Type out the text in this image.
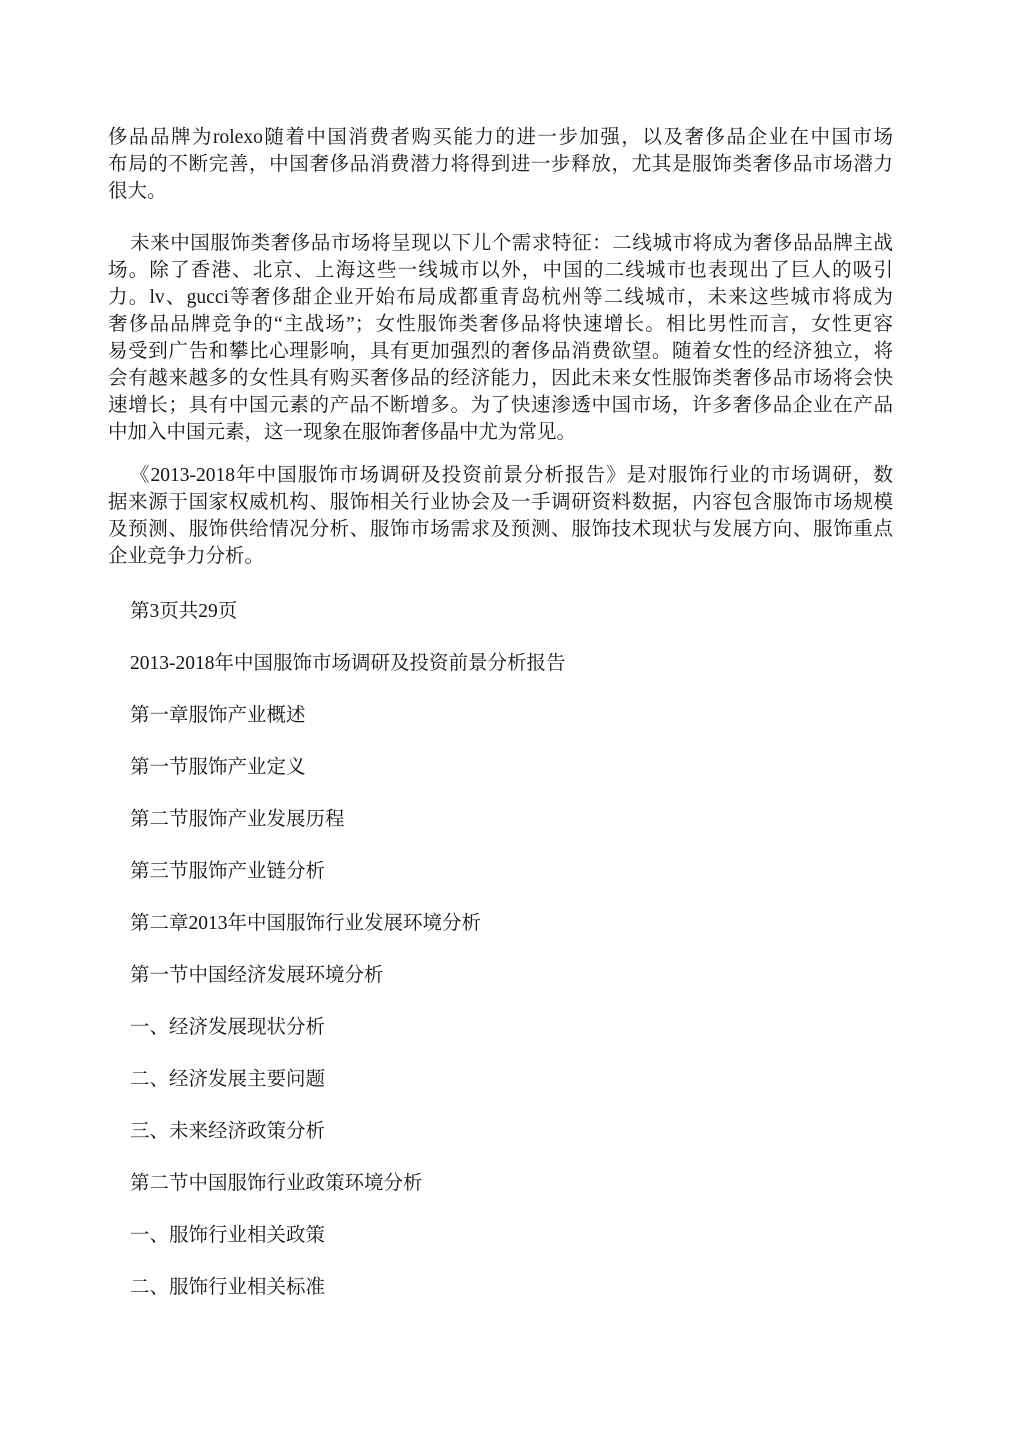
侈品品牌为rolexo随着中国消费者购买能力的进一步加强，以及奢侈品企业在中国市场
布局的不断完善，中国奢侈品消费潜力将得到进一步释放，尤其是服饰类奢侈品市场潜力
很大。
未来中国服饰类奢侈品市场将呈现以下儿个需求特征：二线城市将成为奢侈品品牌主战
场。除了香港、北京、上海这些一线城市以外，中国的二线城市也表现出了巨人的吸引
力。lv、gucci等奢侈甜企业开始布局成都重青岛杭州等二线城市，未来这些城市将成为
奢侈品品牌竞争的“主战场”；女性服饰类奢侈品将快速增长。相比男性而言，女性更容
易受到广告和攀比心理影响，具有更加强烈的奢侈品消费欲望。随着女性的经济独立，将
会有越来越多的女性具有购买奢侈品的经济能力，因此未来女性服饰类奢侈品市场将会快
速增长；具有中国元素的产品不断增多。为了快速渗透中国市场，许多奢侈品企业在产品
中加入中国元素，这一现象在服饰奢侈晶中尤为常见。
《2013-2018年中国服饰市场调研及投资前景分析报告》是对服饰行业的市场调研，数
据来源于国家权威机构、服饰相关行业协会及一手调研资料数据，内容包含服饰市场规模
及预测、服饰供给情况分析、服饰市场需求及预测、服饰技术现状与发展方向、服饰重点
企业竞争力分析。
第3页共29页
2013-2018年中国服饰市场调研及投资前景分析报告
第一章服饰产业概述
第一节服饰产业定义
第二节服饰产业发展历程
第三节服饰产业链分析
第二章2013年中国服饰行业发展环境分析
第一节中国经济发展环境分析
一、经济发展现状分析
二、经济发展主要问题
三、未来经济政策分析
第二节中国服饰行业政策环境分析
一、服饰行业相关政策
二、服饰行业相关标准
